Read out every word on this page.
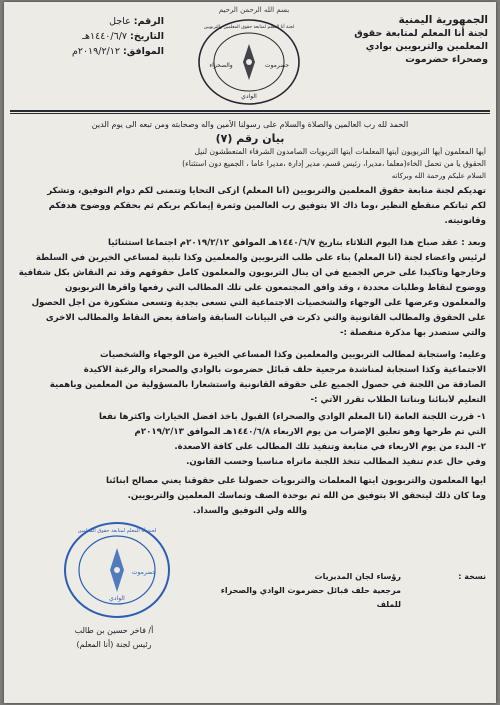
بسم الله الرحمن الرحيم
الجمهورية اليمنية
لجنة أنا المعلم لمتابعة حقوق
المعلمين والتربويين بوادي
وصحراء حضرموت
الرقم: عاجل
التاريخ: ١٤٤٠/٦/٧هـ
الموافق: ٢٠١٩/٢/١٢م
حضرموت
والصحراء
الوادي
لجنة أنا المعلم لمتابعة حقوق المعلمين والتربويين
الحمد لله رب العالمين والصلاة والسلام على رسولنا الأمين واله وصحابته ومن تبعه الى يوم الدين
بيان رقم (٧)
أيها المعلمون أيها التربويون أيتها المعلمات أيتها التربويات الصامدون الشرفاء المتعطشون لنيل
الحقوق يا من تحمل الخاء(معلما ،مديرا، رئيس قسم، مدير إدارة ،مديرا عاما ، الجميع دون استثناء)
السلام عليكم ورحمة الله وبركاته
تهديكم لجنة متابعة حقوق المعلمين والتربويين (أنا المعلم) أزكى التحايا وتتمنى لكم دوام التوفيق، وتشكر
لكم ثباتكم منقطع النظير ،وما ذاك الا بتوفيق رب العالمين وثمرة إيمانكم بربكم ثم بحقكم ووضوح هدفكم
وقانونيته.
وبعد : عقد صباح هذا اليوم الثلاثاء بتاريخ ١٤٤٠/٦/٧هـ الموافق ٢٠١٩/٢/١٢م اجتماعا استثنائيا
لرئيس وأعضاء لجنة (أنا المعلم) بناء على طلب التربويين والمعلمين وكذا تلبية لمساعي الخيرين في السلطة
وخارجها وتأكيدا على حرص الجميع في أن ينال التربويون والمعلمون كامل حقوقهم وقد تم النقاش بكل شفافية
ووضوح لنقاط وطلبات محددة ، وقد وافق المجتمعون على تلك المطالب التي رفعها وأقرها التربويون
والمعلمون وعرضها على الوجهاء والشخصيات الاجتماعية التي تسعى بجدية وتسعى مشكورة من اجل الحصول
على الحقوق والمطالب القانونية والتي ذكرت في البيانات السابقة واضافة بعض النقاط والمطالب الاخرى
والتي ستصدر بها مذكرة منفصلة :-
وعليه: واستجابة لمطالب التربويين والمعلمين وكذا المساعي الخيرة من الوجهاء والشخصيات
الاجتماعية وكذا استجابة لمناشدة مرجعية حلف قبائل حضرموت بالوادي والصحراء والرغبة الأكيدة
الصادقة من اللجنة في حصول الجميع على حقوقه القانونية واستشعارا بالمسؤولية من المعلمين وباهمية
التعليم لأبنائنا وبناتنا الطلاب تقرر الآتي :-
١- قررت اللجنة العامة (أنا المعلم الوادي والصحراء) القبول بأخذ أفضل الخيارات وأكثرها نفعا
التي تم طرحها وهو تعليق الإضراب من يوم الاربعاء ١٤٤٠/٦/٨هـ الموافق ٢٠١٩/٢/١٣م
٢- البدء من يوم الاربعاء في متابعة وتنفيذ تلك المطالب على كافة الأصعدة.
وفي حال عدم تنفيذ المطالب تتخذ اللجنة ماتراه مناسبا وحسب القانون.
أيها المعلمون والتربويون أيتها المعلمات والتربويات حصولنا على حقوقنا يعني مصالح أبنائنا
وما كان ذلك ليتحقق الا بتوفيق من الله ثم بوحدة الصف وتماسك المعلمين والتربويين.
والله ولي التوفيق والسداد.
حضرموت
الوادي
لجنة أنا المعلم لمتابعة حقوق المعلمين
أ/ فاخر حسين بن طالب
رئيس لجنة (أنا المعلم)
نسخة :
رؤساء لجان المديريات
مرجعية حلف قبائل حضرموت الوادي والصحراء
للملف
